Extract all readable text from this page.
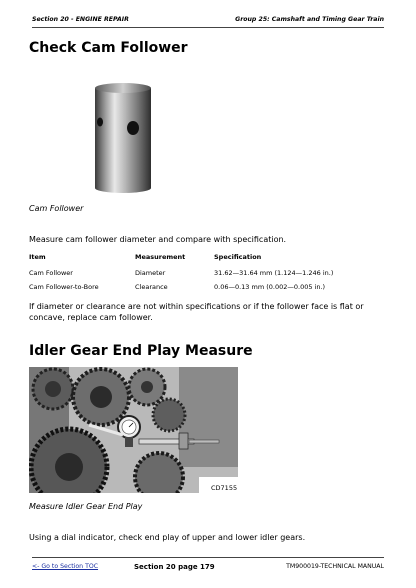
Section 20 - ENGINE REPAIR	Group 25: Camshaft and Timing Gear Train
Check Cam Follower
Cam Follower
Measure cam follower diameter and compare with specification.
Item	Measurement	Specification
Cam Follower	Diameter	31.62—31.64 mm (1.124—1.246 in.)
Cam Follower-to-Bore	Clearance	0.06—0.13 mm (0.002—0.005 in.)
If diameter or clearance are not within specifications or if the follower face is flat or concave, replace cam follower.
Idler Gear End Play Measure
CD7155
Measure Idler Gear End Play
Using a dial indicator, check end play of upper and lower idler gears.
<- Go to Section TOC	Section 20 page 179	TM900019-TECHNICAL MANUAL
